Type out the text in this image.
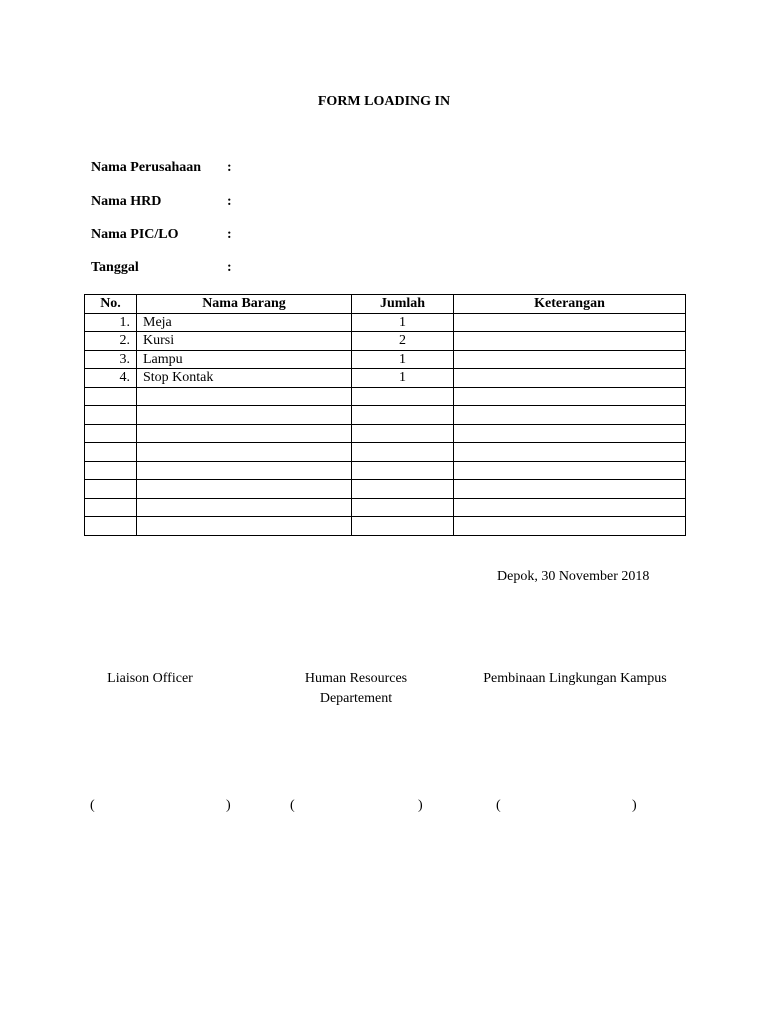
FORM LOADING IN
Nama Perusahaan :
Nama HRD	:
Nama PIC/LO	:
Tanggal	:
No.	Nama Barang	Jumlah	Keterangan
1.	Meja	1	
2.	Kursi	2	
3.	Lampu	1	
4.	Stop Kontak	1	

Depok, 30 November 2018
Liaison Officer	Human Resources
Departement
Pembinaan Lingkungan Kampus
(	)	(	)	(	)
